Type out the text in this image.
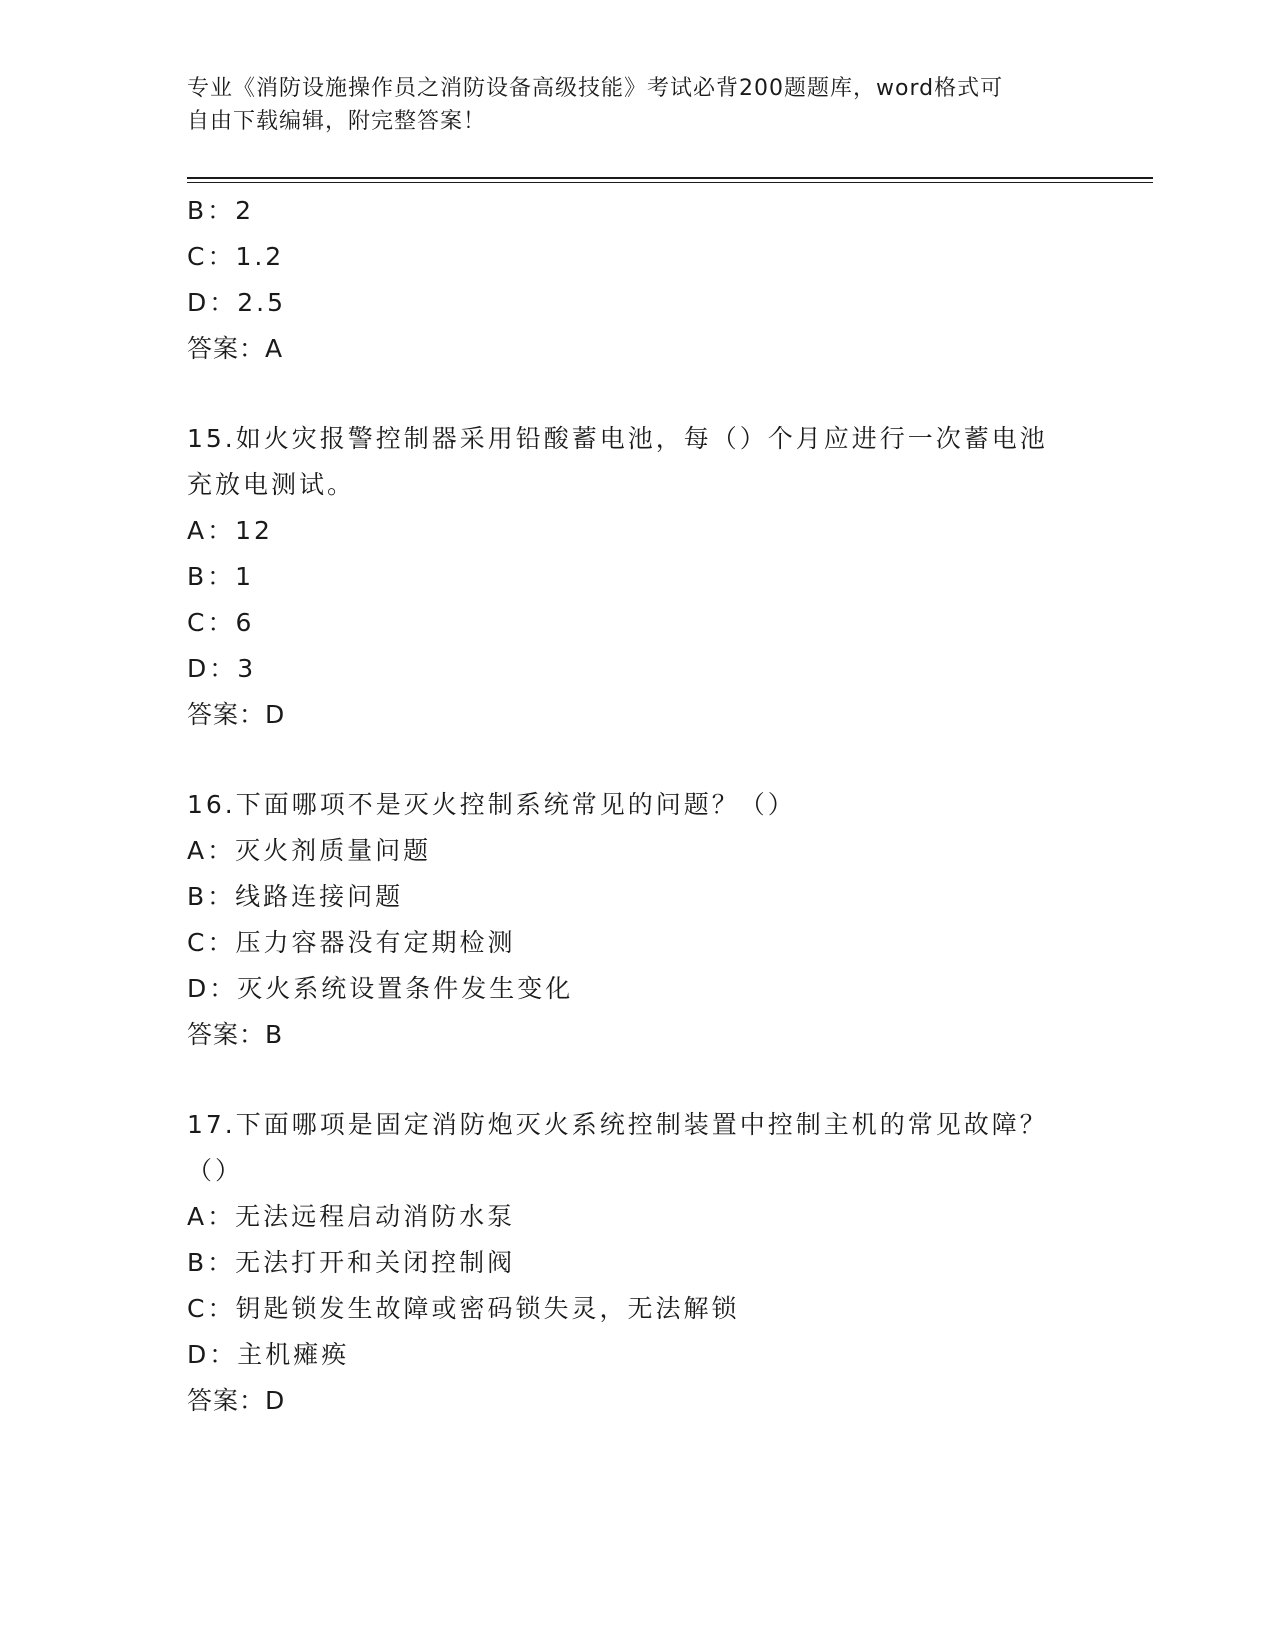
专业《消防设施操作员之消防设备高级技能》考试必背200题题库，word格式可
自由下载编辑，附完整答案！
B：2
C：1.2
D：2.5
答案：A
15.如火灾报警控制器采用铅酸蓄电池，每（）个月应进行一次蓄电池
充放电测试。
A：12
B：1
C：6
D：3
答案：D
16.下面哪项不是灭火控制系统常见的问题？（）
A：灭火剂质量问题
B：线路连接问题
C：压力容器没有定期检测
D：灭火系统设置条件发生变化
答案：B
17.下面哪项是固定消防炮灭火系统控制装置中控制主机的常见故障？
（）
A：无法远程启动消防水泵
B：无法打开和关闭控制阀
C：钥匙锁发生故障或密码锁失灵，无法解锁
D：主机瘫痪
答案：D
